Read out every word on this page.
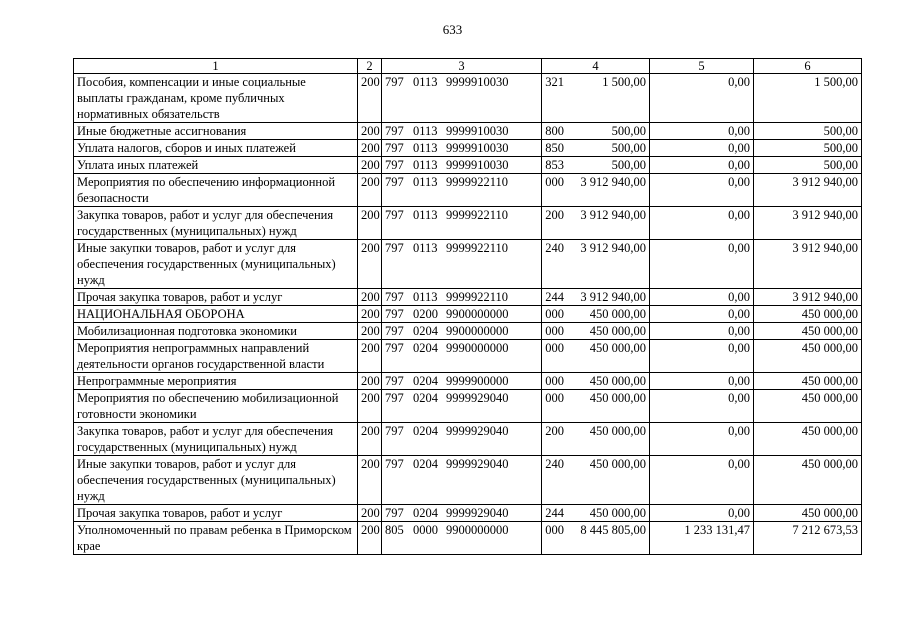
633
1	2	3	4	5	6
Пособия, компенсации и иные социальные выплаты гражданам, кроме публичных нормативных обязательств	200	797 0113 9999910030 321	1 500,00	0,00	1 500,00
Иные бюджетные ассигнования	200	797 0113 9999910030 800	500,00	0,00	500,00
Уплата налогов, сборов и иных платежей	200	797 0113 9999910030 850	500,00	0,00	500,00
Уплата иных платежей	200	797 0113 9999910030 853	500,00	0,00	500,00
Мероприятия по обеспечению информационной безопасности	200	797 0113 9999922110 000	3 912 940,00	0,00	3 912 940,00
Закупка товаров, работ и услуг для обеспечения государственных (муниципальных) нужд	200	797 0113 9999922110 200	3 912 940,00	0,00	3 912 940,00
Иные закупки товаров, работ и услуг для обеспечения государственных (муниципальных) нужд	200	797 0113 9999922110 240	3 912 940,00	0,00	3 912 940,00
Прочая закупка товаров, работ и услуг	200	797 0113 9999922110 244	3 912 940,00	0,00	3 912 940,00
НАЦИОНАЛЬНАЯ ОБОРОНА	200	797 0200 9900000000 000	450 000,00	0,00	450 000,00
Мобилизационная подготовка экономики	200	797 0204 9900000000 000	450 000,00	0,00	450 000,00
Мероприятия непрограммных направлений деятельности органов государственной власти	200	797 0204 9990000000 000	450 000,00	0,00	450 000,00
Непрограммные мероприятия	200	797 0204 9999900000 000	450 000,00	0,00	450 000,00
Мероприятия по обеспечению мобилизационной готовности экономики	200	797 0204 9999929040 000	450 000,00	0,00	450 000,00
Закупка товаров, работ и услуг для обеспечения государственных (муниципальных) нужд	200	797 0204 9999929040 200	450 000,00	0,00	450 000,00
Иные закупки товаров, работ и услуг для обеспечения государственных (муниципальных) нужд	200	797 0204 9999929040 240	450 000,00	0,00	450 000,00
Прочая закупка товаров, работ и услуг	200	797 0204 9999929040 244	450 000,00	0,00	450 000,00
Уполномоченный по правам ребенка в Приморском крае	200	805 0000 9900000000 000	8 445 805,00	1 233 131,47	7 212 673,53
